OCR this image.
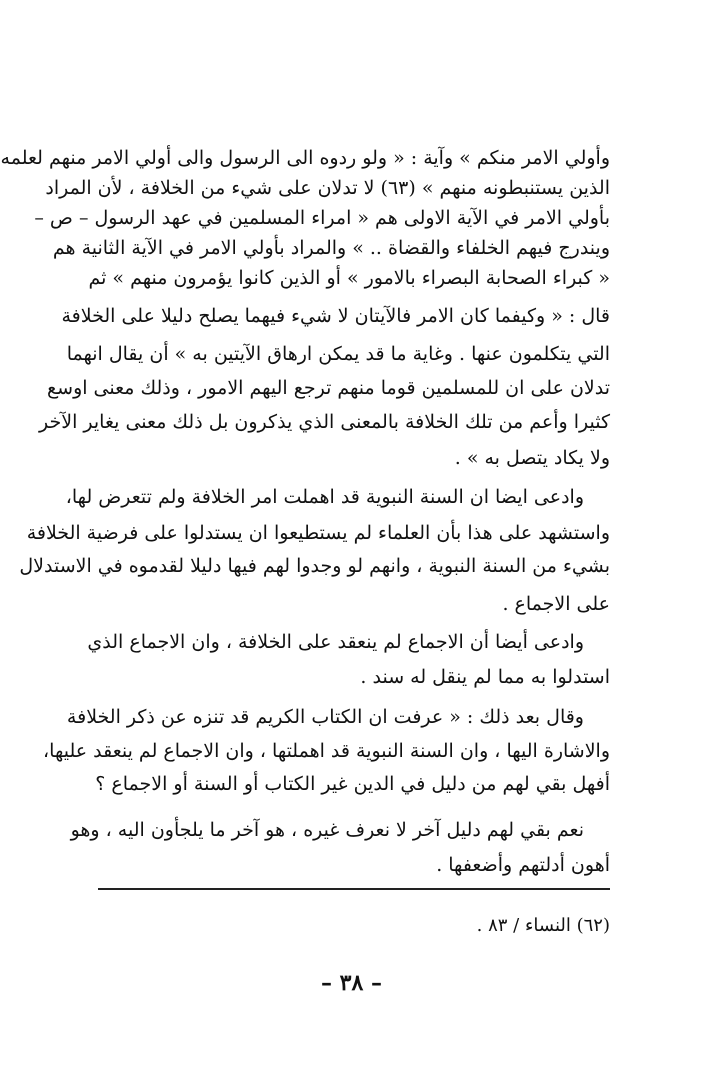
وأولي الامر منكم » وآية : « ولو ردوه الى الرسول والى أولي الامر منهم لعلمه
الذين يستنبطونه منهم » (٦٣) لا تدلان على شيء من الخلافة ، لأن المراد
بأولي الامر في الآية الاولى هم « امراء المسلمين في عهد الرسول – ص –
ويندرج فيهم الخلفاء والقضاة .. » والمراد بأولي الامر في الآية الثانية هم
« كبراء الصحابة البصراء بالامور » أو الذين كانوا يؤمرون منهم » ثم
قال : « وكيفما كان الامر فالآيتان لا شيء فيهما يصلح دليلا على الخلافة
التي يتكلمون عنها . وغاية ما قد يمكن ارهاق الآيتين به » أن يقال انهما
تدلان على ان للمسلمين قوما منهم ترجع اليهم الامور ، وذلك معنى اوسع
كثيرا وأعم من تلك الخلافة بالمعنى الذي يذكرون بل ذلك معنى يغاير الآخر
ولا يكاد يتصل به » .
وادعى ايضا ان السنة النبوية قد اهملت امر الخلافة ولم تتعرض لها،
واستشهد على هذا بأن العلماء لم يستطيعوا ان يستدلوا على فرضية الخلافة
بشيء من السنة النبوية ، وانهم لو وجدوا لهم فيها دليلا لقدموه في الاستدلال
على الاجماع .
وادعى أيضا أن الاجماع لم ينعقد على الخلافة ، وان الاجماع الذي
استدلوا به مما لم ينقل له سند .
وقال بعد ذلك : « عرفت ان الكتاب الكريم قد تنزه عن ذكر الخلافة
والاشارة اليها ، وان السنة النبوية قد اهملتها ، وان الاجماع لم ينعقد عليها،
أفهل بقي لهم من دليل في الدين غير الكتاب أو السنة أو الاجماع ؟
نعم بقي لهم دليل آخر لا نعرف غيره ، هو آخر ما يلجأون اليه ، وهو
أهون أدلتهم وأضعفها .
(٦٢) النساء / ٨٣ .
– ٣٨ –
